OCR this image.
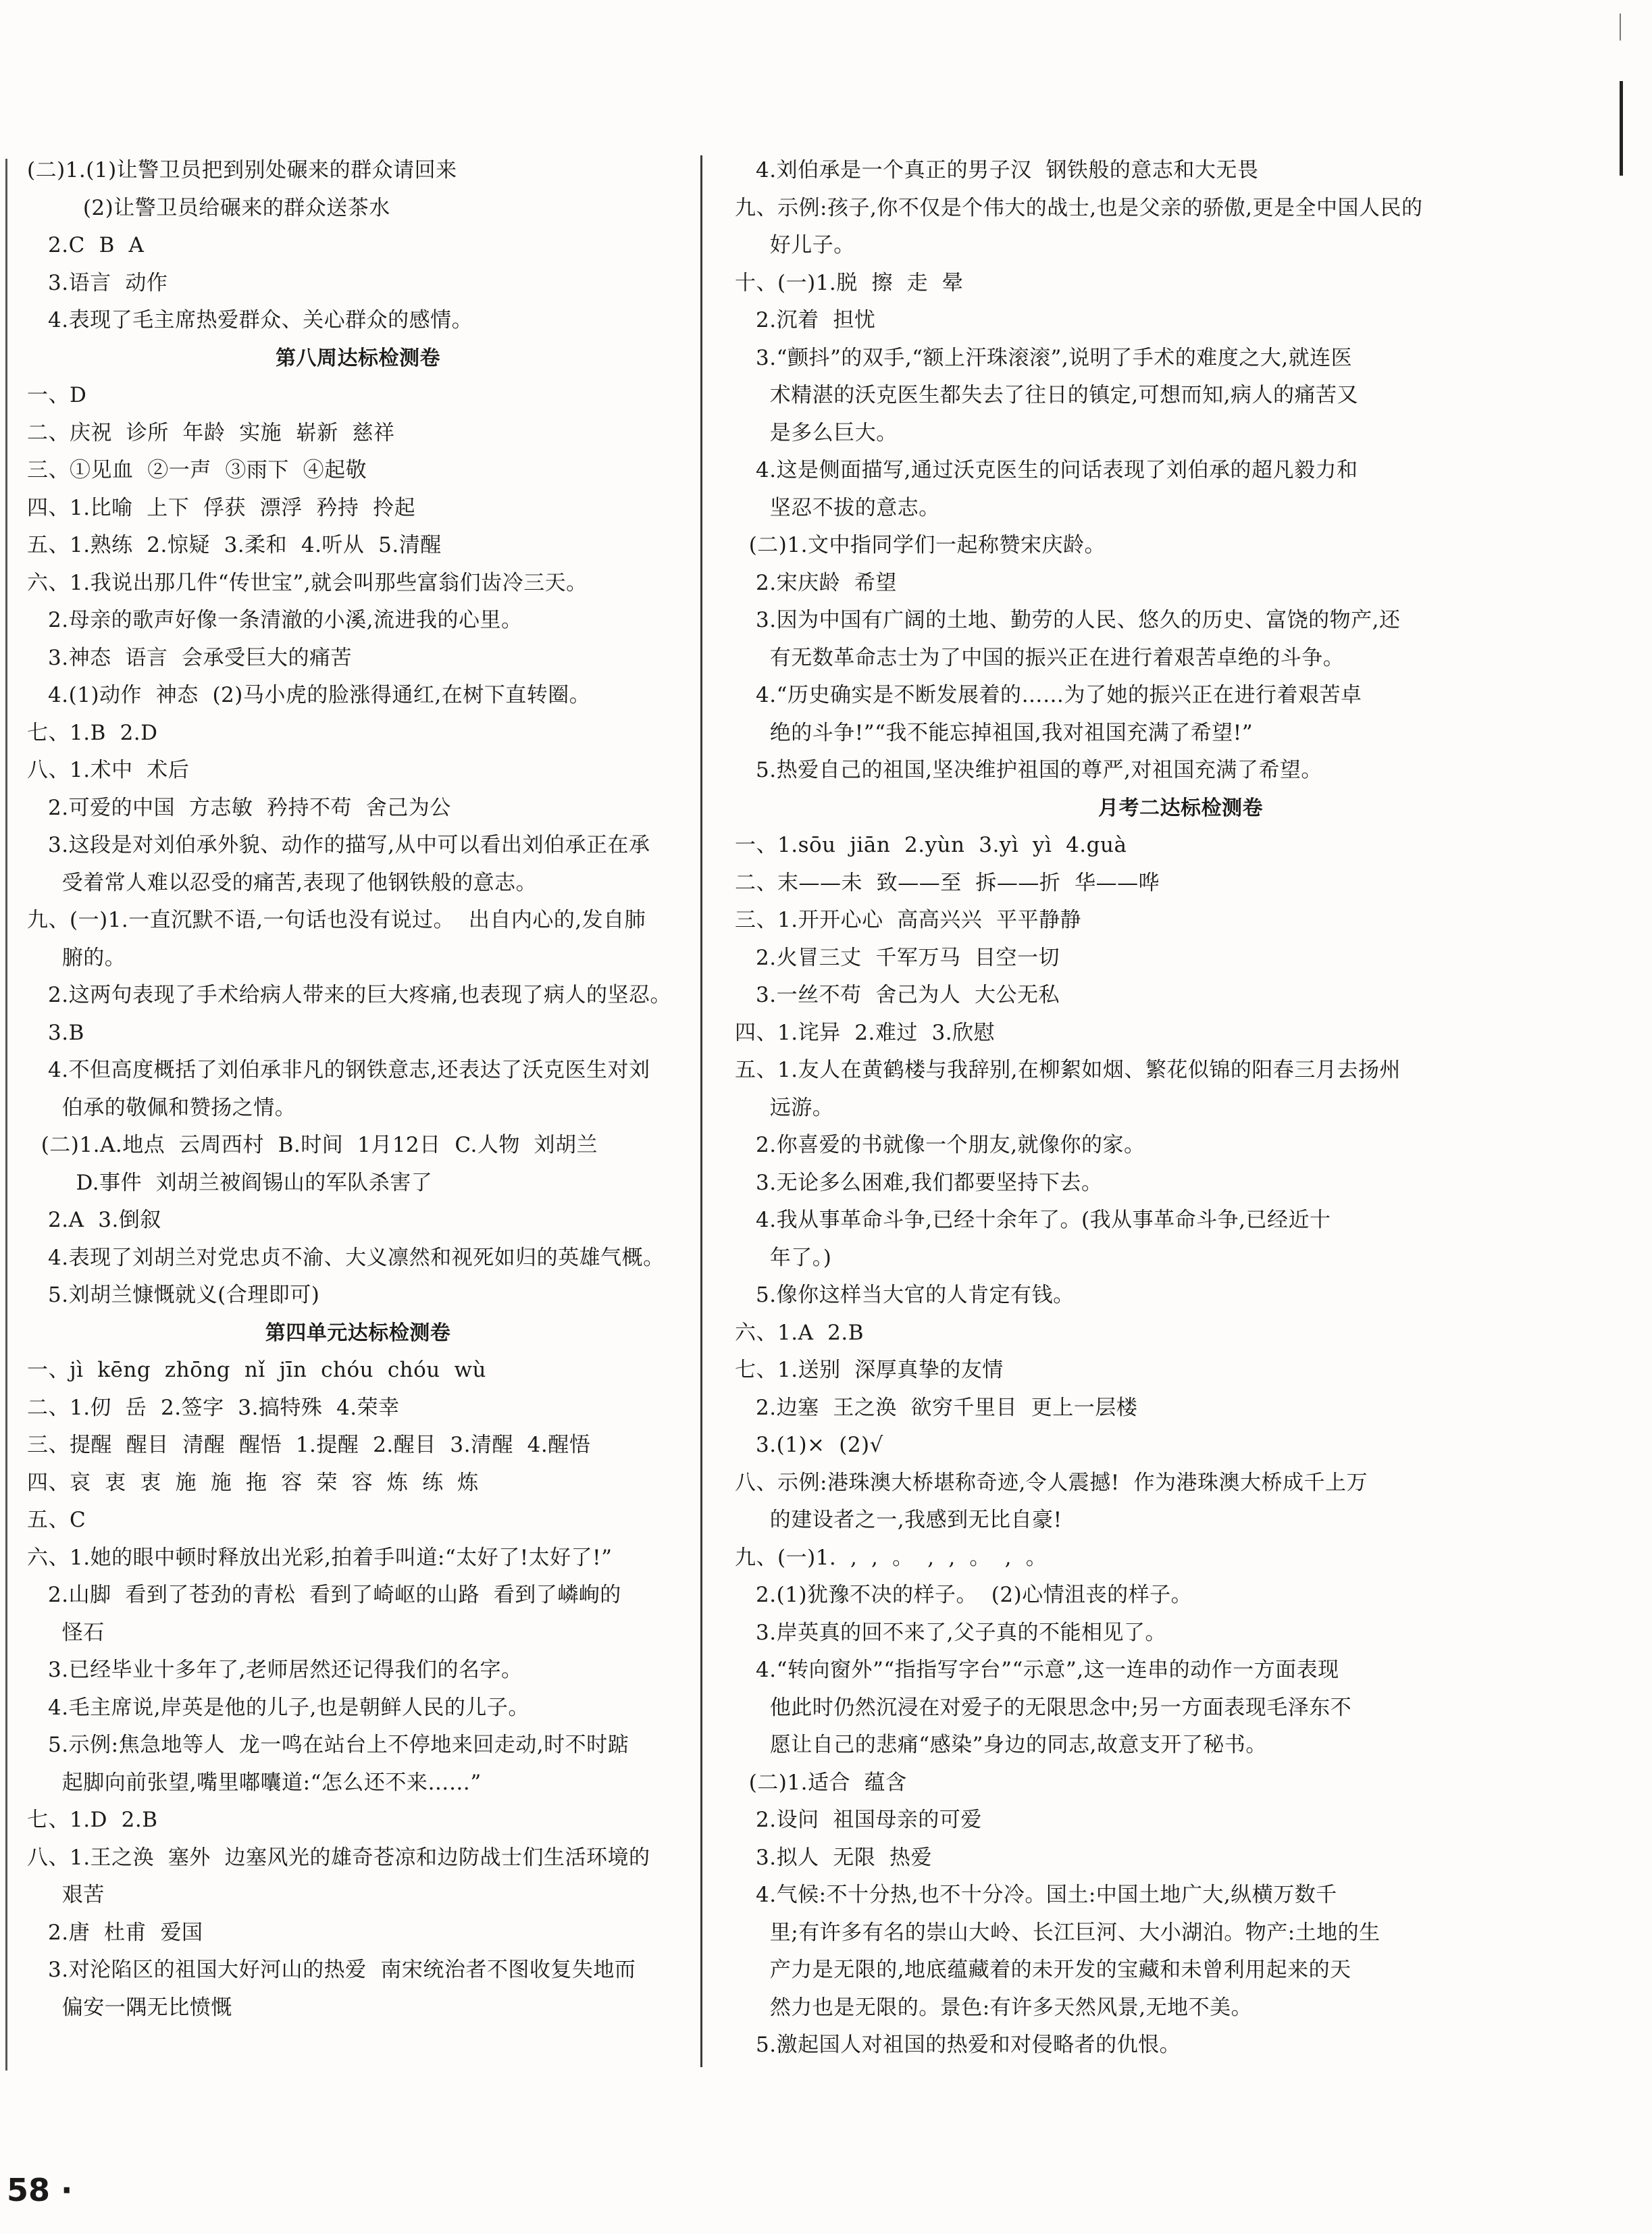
(二)1.(1)让警卫员把到别处碾来的群众请回来
(2)让警卫员给碾来的群众送茶水
2.C  B  A
3.语言  动作
4.表现了毛主席热爱群众、关心群众的感情。
第八周达标检测卷
一、D
二、庆祝  诊所  年龄  实施  崭新  慈祥
三、①见血  ②一声  ③雨下  ④起敬
四、1.比喻  上下  俘获  漂浮  矜持  拎起
五、1.熟练  2.惊疑  3.柔和  4.听从  5.清醒
六、1.我说出那几件“传世宝”,就会叫那些富翁们齿冷三天。
2.母亲的歌声好像一条清澈的小溪,流进我的心里。
3.神态  语言  会承受巨大的痛苦
4.(1)动作  神态  (2)马小虎的脸涨得通红,在树下直转圈。
七、1.B  2.D
八、1.术中  术后
2.可爱的中国  方志敏  矜持不苟  舍己为公
3.这段是对刘伯承外貌、动作的描写,从中可以看出刘伯承正在承
受着常人难以忍受的痛苦,表现了他钢铁般的意志。
九、(一)1.一直沉默不语,一句话也没有说过。  出自内心的,发自肺
腑的。
2.这两句表现了手术给病人带来的巨大疼痛,也表现了病人的坚忍。
3.B
4.不但高度概括了刘伯承非凡的钢铁意志,还表达了沃克医生对刘
伯承的敬佩和赞扬之情。
(二)1.A.地点  云周西村  B.时间  1月12日  C.人物  刘胡兰
D.事件  刘胡兰被阎锡山的军队杀害了
2.A  3.倒叙
4.表现了刘胡兰对党忠贞不渝、大义凛然和视死如归的英雄气概。
5.刘胡兰慷慨就义(合理即可)
第四单元达标检测卷
一、jì  kēng  zhōng  nǐ  jīn  chóu  chóu  wù
二、1.仞  岳  2.签字  3.搞特殊  4.荣幸
三、提醒  醒目  清醒  醒悟  1.提醒  2.醒目  3.清醒  4.醒悟
四、哀  衷  衷  施  施  拖  容  荣  容  炼  练  炼
五、C
六、1.她的眼中顿时释放出光彩,拍着手叫道:“太好了!太好了!”
2.山脚  看到了苍劲的青松  看到了崎岖的山路  看到了嶙峋的
怪石
3.已经毕业十多年了,老师居然还记得我们的名字。
4.毛主席说,岸英是他的儿子,也是朝鲜人民的儿子。
5.示例:焦急地等人  龙一鸣在站台上不停地来回走动,时不时踮
起脚向前张望,嘴里嘟囔道:“怎么还不来……”
七、1.D  2.B
八、1.王之涣  塞外  边塞风光的雄奇苍凉和边防战士们生活环境的
艰苦
2.唐  杜甫  爱国
3.对沦陷区的祖国大好河山的热爱  南宋统治者不图收复失地而
偏安一隅无比愤慨
4.刘伯承是一个真正的男子汉  钢铁般的意志和大无畏
九、示例:孩子,你不仅是个伟大的战士,也是父亲的骄傲,更是全中国人民的
好儿子。
十、(一)1.脱  擦  走  晕
2.沉着  担忧
3.“颤抖”的双手,“额上汗珠滚滚”,说明了手术的难度之大,就连医
术精湛的沃克医生都失去了往日的镇定,可想而知,病人的痛苦又
是多么巨大。
4.这是侧面描写,通过沃克医生的问话表现了刘伯承的超凡毅力和
坚忍不拔的意志。
(二)1.文中指同学们一起称赞宋庆龄。
2.宋庆龄  希望
3.因为中国有广阔的土地、勤劳的人民、悠久的历史、富饶的物产,还
有无数革命志士为了中国的振兴正在进行着艰苦卓绝的斗争。
4.“历史确实是不断发展着的……为了她的振兴正在进行着艰苦卓
绝的斗争!”“我不能忘掉祖国,我对祖国充满了希望!”
5.热爱自己的祖国,坚决维护祖国的尊严,对祖国充满了希望。
月考二达标检测卷
一、1.sōu  jiān  2.yùn  3.yì  yì  4.guà
二、末——未  致——至  拆——折  华——哗
三、1.开开心心  高高兴兴  平平静静
2.火冒三丈  千军万马  目空一切
3.一丝不苟  舍己为人  大公无私
四、1.诧异  2.难过  3.欣慰
五、1.友人在黄鹤楼与我辞别,在柳絮如烟、繁花似锦的阳春三月去扬州
远游。
2.你喜爱的书就像一个朋友,就像你的家。
3.无论多么困难,我们都要坚持下去。
4.我从事革命斗争,已经十余年了。(我从事革命斗争,已经近十
年了。)
5.像你这样当大官的人肯定有钱。
六、1.A  2.B
七、1.送别  深厚真挚的友情
2.边塞  王之涣  欲穷千里目  更上一层楼
3.(1)×  (2)√
八、示例:港珠澳大桥堪称奇迹,令人震撼!  作为港珠澳大桥成千上万
的建设者之一,我感到无比自豪!
九、(一)1.  ,  ,  。  ,  ,  。  ,  。
2.(1)犹豫不决的样子。  (2)心情沮丧的样子。
3.岸英真的回不来了,父子真的不能相见了。
4.“转向窗外”“指指写字台”“示意”,这一连串的动作一方面表现
他此时仍然沉浸在对爱子的无限思念中;另一方面表现毛泽东不
愿让自己的悲痛“感染”身边的同志,故意支开了秘书。
(二)1.适合  蕴含
2.设问  祖国母亲的可爱
3.拟人  无限  热爱
4.气候:不十分热,也不十分冷。国土:中国土地广大,纵横万数千
里;有许多有名的崇山大岭、长江巨河、大小湖泊。物产:土地的生
产力是无限的,地底蕴藏着的未开发的宝藏和未曾利用起来的天
然力也是无限的。景色:有许多天然风景,无地不美。
5.激起国人对祖国的热爱和对侵略者的仇恨。
58 ·
